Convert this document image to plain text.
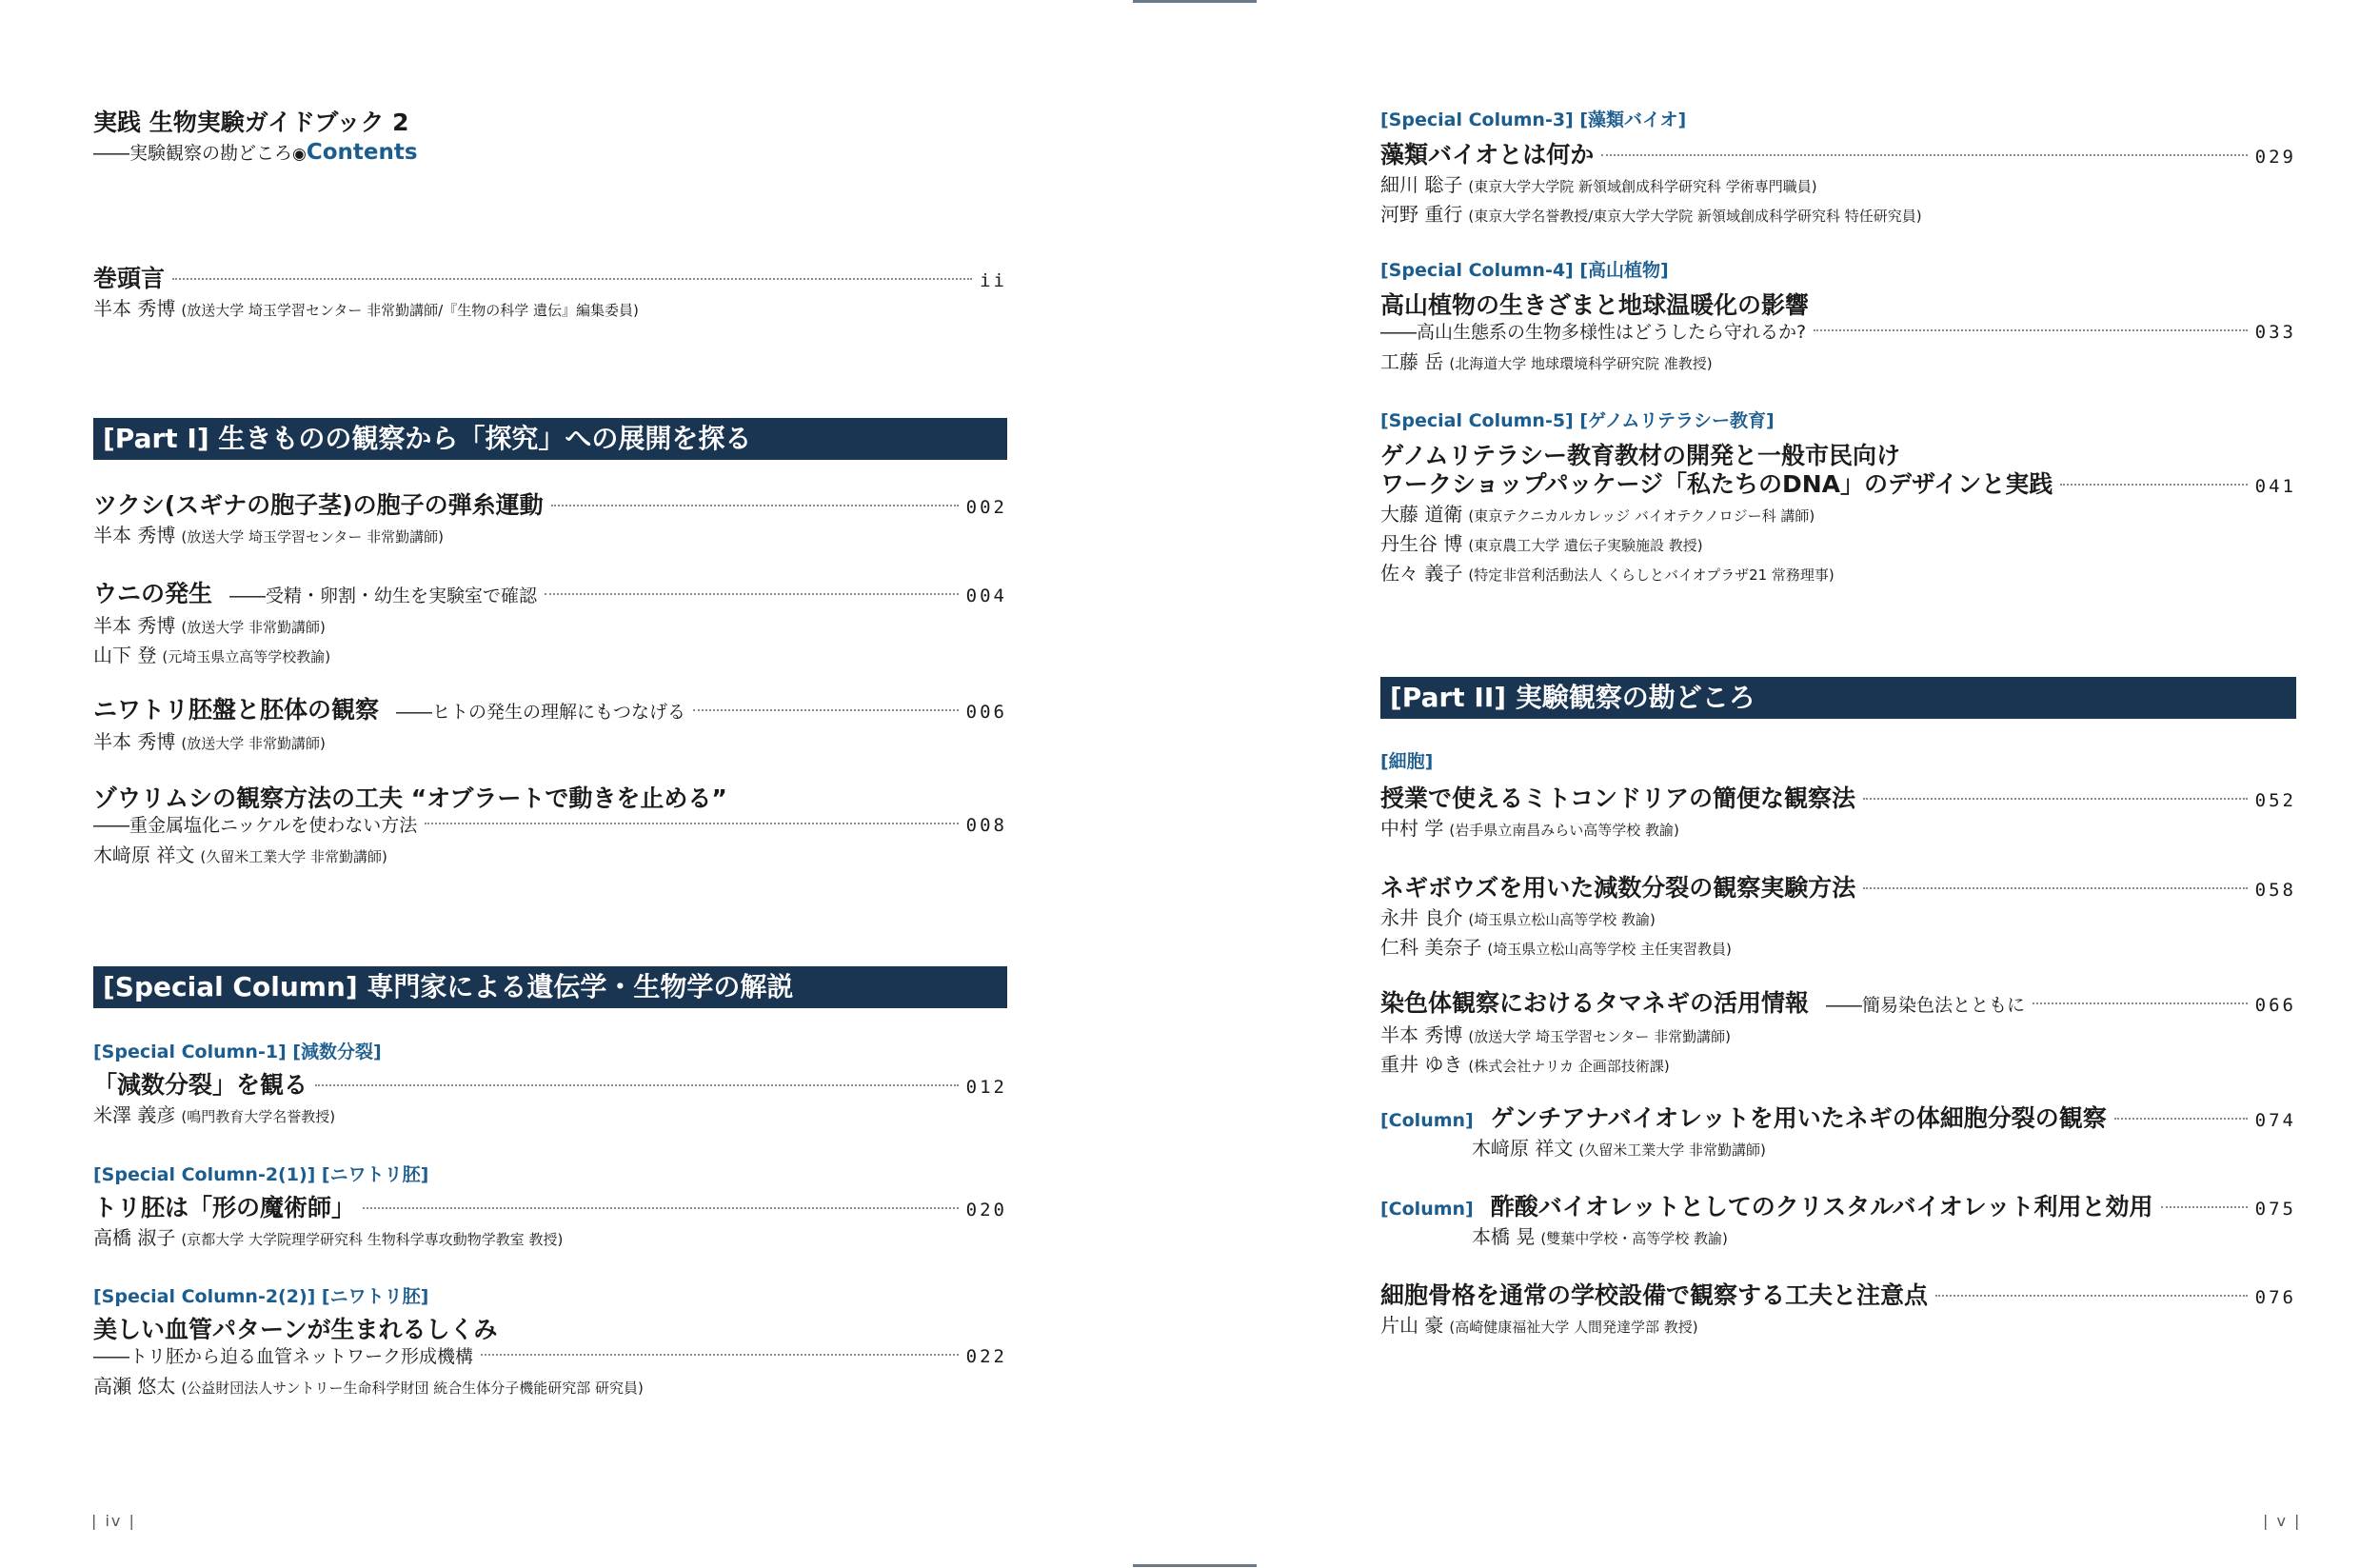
実践 生物実験ガイドブック 2
――実験観察の勘どころ◉Contents
巻頭言	ii
半本 秀博 (放送大学 埼玉学習センター 非常勤講師/『生物の科学 遺伝』編集委員)
[Part I] 生きものの観察から「探究」への展開を探る
ツクシ(スギナの胞子茎)の胞子の弾糸運動	002
半本 秀博 (放送大学 埼玉学習センター 非常勤講師)
ウニの発生 ――受精・卵割・幼生を実験室で確認	004
半本 秀博 (放送大学 非常勤講師)
山下 登 (元埼玉県立高等学校教諭)
ニワトリ胚盤と胚体の観察 ――ヒトの発生の理解にもつなげる	006
半本 秀博 (放送大学 非常勤講師)
ゾウリムシの観察方法の工夫 “オブラートで動きを止める”
――重金属塩化ニッケルを使わない方法	008
木﨑原 祥文 (久留米工業大学 非常勤講師)
[Special Column] 専門家による遺伝学・生物学の解説
[Special Column-1] [減数分裂]
「減数分裂」を観る	012
米澤 義彦 (鳴門教育大学名誉教授)
[Special Column-2(1)] [ニワトリ胚]
トリ胚は「形の魔術師」	020
高橋 淑子 (京都大学 大学院理学研究科 生物科学専攻動物学教室 教授)
[Special Column-2(2)] [ニワトリ胚]
美しい血管パターンが生まれるしくみ
――トリ胚から迫る血管ネットワーク形成機構	022
高瀬 悠太 (公益財団法人サントリー生命科学財団 統合生体分子機能研究部 研究員)
| iv |
[Special Column-3] [藻類バイオ]
藻類バイオとは何か	029
細川 聡子 (東京大学大学院 新領域創成科学研究科 学術専門職員)
河野 重行 (東京大学名誉教授/東京大学大学院 新領域創成科学研究科 特任研究員)
[Special Column-4] [高山植物]
高山植物の生きざまと地球温暖化の影響
――高山生態系の生物多様性はどうしたら守れるか?	033
工藤 岳 (北海道大学 地球環境科学研究院 准教授)
[Special Column-5] [ゲノムリテラシー教育]
ゲノムリテラシー教育教材の開発と一般市民向け
ワークショップパッケージ「私たちのDNA」のデザインと実践	041
大藤 道衛 (東京テクニカルカレッジ バイオテクノロジー科 講師)
丹生谷 博 (東京農工大学 遺伝子実験施設 教授)
佐々 義子 (特定非営利活動法人 くらしとバイオプラザ21 常務理事)
[Part II] 実験観察の勘どころ
[細胞]
授業で使えるミトコンドリアの簡便な観察法	052
中村 学 (岩手県立南昌みらい高等学校 教諭)
ネギボウズを用いた減数分裂の観察実験方法	058
永井 良介 (埼玉県立松山高等学校 教諭)
仁科 美奈子 (埼玉県立松山高等学校 主任実習教員)
染色体観察におけるタマネギの活用情報 ――簡易染色法とともに	066
半本 秀博 (放送大学 埼玉学習センター 非常勤講師)
重井 ゆき (株式会社ナリカ 企画部技術課)
[Column] ゲンチアナバイオレットを用いたネギの体細胞分裂の観察	074
木﨑原 祥文 (久留米工業大学 非常勤講師)
[Column] 酢酸バイオレットとしてのクリスタルバイオレット利用と効用	075
本橋 晃 (雙葉中学校・高等学校 教諭)
細胞骨格を通常の学校設備で観察する工夫と注意点	076
片山 豪 (高崎健康福祉大学 人間発達学部 教授)
| v |
